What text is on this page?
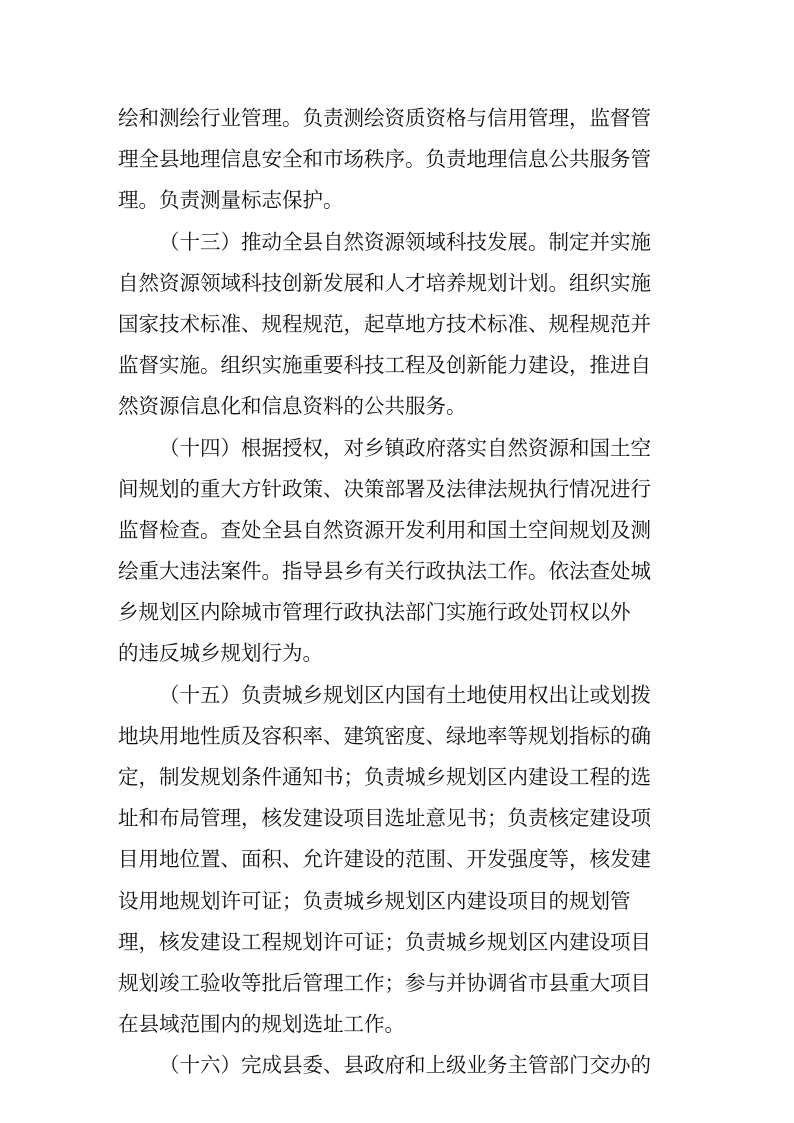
绘和测绘行业管理。负责测绘资质资格与信用管理，监督管
理全县地理信息安全和市场秩序。负责地理信息公共服务管
理。负责测量标志保护。
（十三）推动全县自然资源领域科技发展。制定并实施
自然资源领域科技创新发展和人才培养规划计划。组织实施
国家技术标准、规程规范，起草地方技术标准、规程规范并
监督实施。组织实施重要科技工程及创新能力建设，推进自
然资源信息化和信息资料的公共服务。
（十四）根据授权，对乡镇政府落实自然资源和国土空
间规划的重大方针政策、决策部署及法律法规执行情况进行
监督检查。查处全县自然资源开发利用和国土空间规划及测
绘重大违法案件。指导县乡有关行政执法工作。依法查处城
乡规划区内除城市管理行政执法部门实施行政处罚权以外
的违反城乡规划行为。
（十五）负责城乡规划区内国有土地使用权出让或划拨
地块用地性质及容积率、建筑密度、绿地率等规划指标的确
定，制发规划条件通知书；负责城乡规划区内建设工程的选
址和布局管理，核发建设项目选址意见书；负责核定建设项
目用地位置、面积、允许建设的范围、开发强度等，核发建
设用地规划许可证；负责城乡规划区内建设项目的规划管
理，核发建设工程规划许可证；负责城乡规划区内建设项目
规划竣工验收等批后管理工作；参与并协调省市县重大项目
在县域范围内的规划选址工作。
（十六）完成县委、县政府和上级业务主管部门交办的
